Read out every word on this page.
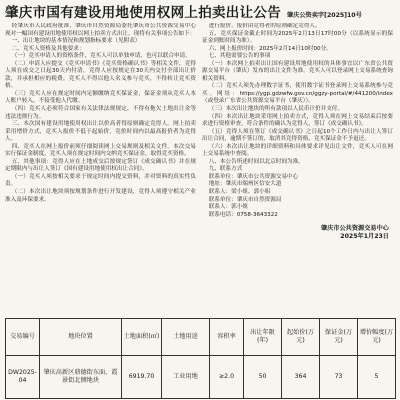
肇庆市国有建设用地使用权网上拍卖出让公告 肇庆公资卖字[2025]10号

经肇庆市人民政府批准，肇庆市自然资源局委托肇庆市公共资源交易中心现对一幅国有建设用地使用权以网上拍卖方式出让。现将有关事项公告如下：

一、出让地块的基本情况和规划指标要求（见附表）

二、竞买人资格及其他要求：

（一）竞买申请人的资格条件，竞买人可以单独申请，也可以联合申请。

（二）申请人应提交《竞买申请书》《竞买资格确认书》等相关文件，竞得人须在成交之日起30天内付清，竞得人应按规定在30天内交付全部出让价款，并承担相应的税费。竞买人不得以他人名义参与竞买，不得转让竞买资格。

（三）竞买人应在规定时间内足额缴纳竞买保证金，保证金须从竞买人本人账户转入，不接受他人代缴。

（四）竞买人必须符合国家有关法律法规规定，不得有拖欠土地出让金等违法违规行为。

三、本次国有建设用地使用权出让以价高者得原则确定竞得人。网上拍卖采用增价方式，竞买人报价不低于起始价，竞价时间内以最高报价者为竞得人。

四、竞买人在网上报价前须仔细阅读网上交易规则及相关文件。本次交易实行保证金制度，竞买人须在规定时间内交纳竞买保证金，取得竞买资格。

五、其他事项：竞得人应在土地成交后按规定签订《成交确认书》并在规定期限内与出让人签订《国有建设用地使用权出让合同》。

（一）竞买人须按相关要求于规定时间内提交资料，并对资料的真实性负责。

（二）本次出让地块须按规划条件进行开发建设，竞得人须遵守相关产业准入及环保要求。

进行报价，报价由竞得者的原则确定竞得人。

五、竞买保证金截止时间为2025年2月13日17时00分（以系统显示的保证金到账时间为准）。

六、网上报价时间：2025年2月14日10时00分。

七、其他需要公告的事项

（一）本次网上拍卖出让国有建设用地使用权的具体事宜以广东省公共资源交易平台（肇庆）发布的出让文件为准。竞买人可以登录网上交易系统查询相关资料。

（二）竞买人须先办理数字证书，使用数字证书登录网上交易系统参与竞买。网址：https://ygp.gdzwfw.gov.cn/ggzy-portal/#/441200/index（或登录广东省公共资源交易平台（肇庆））。

（三）本次出让地块的所有款项以人民币计价并支付。

（四）本次出让地块采用网上拍卖方式，竞得人须在网上交易结束后按要求进行资格审查，符合条件的确认为竞得人，签订《成交确认书》。

（五）竞得人须在签订《成交确认书》之日起10个工作日内与出让人签订出让合同，逾期不签订的，取消其竞得资格，竞买保证金不予退还。

（六）本次出让地块的详细资料和具体要求详见出让文件，竞买人可在网上交易系统中查阅。

八、本公告所述时间以北京时间为准。

九、联系方式

联系单位：肇庆市公共资源交易中心

地址：肇庆市端州区信安大道

联系人：梁小姐、郭小姐

联系单位：肇庆市自然资源局

联系人：郭小姐

联系电话：0758-3643322

肇庆市公共资源交易中心
2025年1月23日
交易编号	地块位置	土地面积(㎡)	土地用途	容积率	出让年限(年)	起始价(万元)	保证金(万元)	增价幅度(万元)
DW2025-04	肇庆高新区鼎德街东面、霞景街北侧地块	6919.70	工业用地	≥2.0	50	364	73	5
